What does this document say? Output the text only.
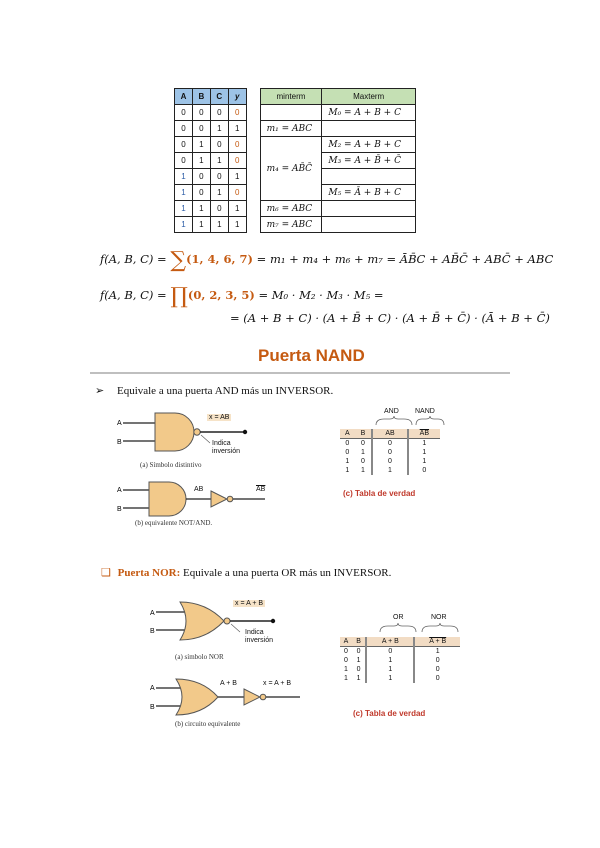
A	B	C	y		minterm	Maxterm
0	0	0	0			M₀ = A + B + C
0	0	1	1		m₁ = ABC	
0	1	0	0		m₄ = AB̄C̄	M₂ = A + B + C
0	1	1	0			M₃ = A + B̄ + C̄
1	0	0	1			
1	0	1	0			M₅ = Ā + B + C
1	1	0	1		m₆ = ABC	
1	1	1	1		m₇ = ABC	
f(A, B, C) = ∑(1, 4, 6, 7) = m₁ + m₄ + m₆ + m₇ = ĀB̄C + AB̄C̄ + ABC̄ + ABC
f(A, B, C) = ∏(0, 2, 3, 5) = M₀ · M₂ · M₃ · M₅ =
= (A + B + C) · (A + B̄ + C) · (A + B̄ + C̄) · (Ā + B + C̄)
Puerta NAND
➢ Equivale a una puerta AND más un INVERSOR.
A
B
x = AB
Indica
inversión
(a) Símbolo distintivo
A
B
AB	$\overline{AB}$
(b) equivalente NOT/AND.
AND NAND
A	B	AB	$\overline{AB}$
0	0	0	1
0	1	0	1
1	0	0	1
1	1	1	0
(c) Tabla de verdad
❑ Puerta NOR: Equivale a una puerta OR más un INVERSOR.
A
B
x = A + B
Indica
inversión
(a) símbolo NOR
A
B
A + B	x = A + B
(b) circuito equivalente
OR	NOR
A	B	A + B	A + B
0	0	0	1
0	1	1	0
1	0	1	0
1	1	1	0
(c) Tabla de verdad
